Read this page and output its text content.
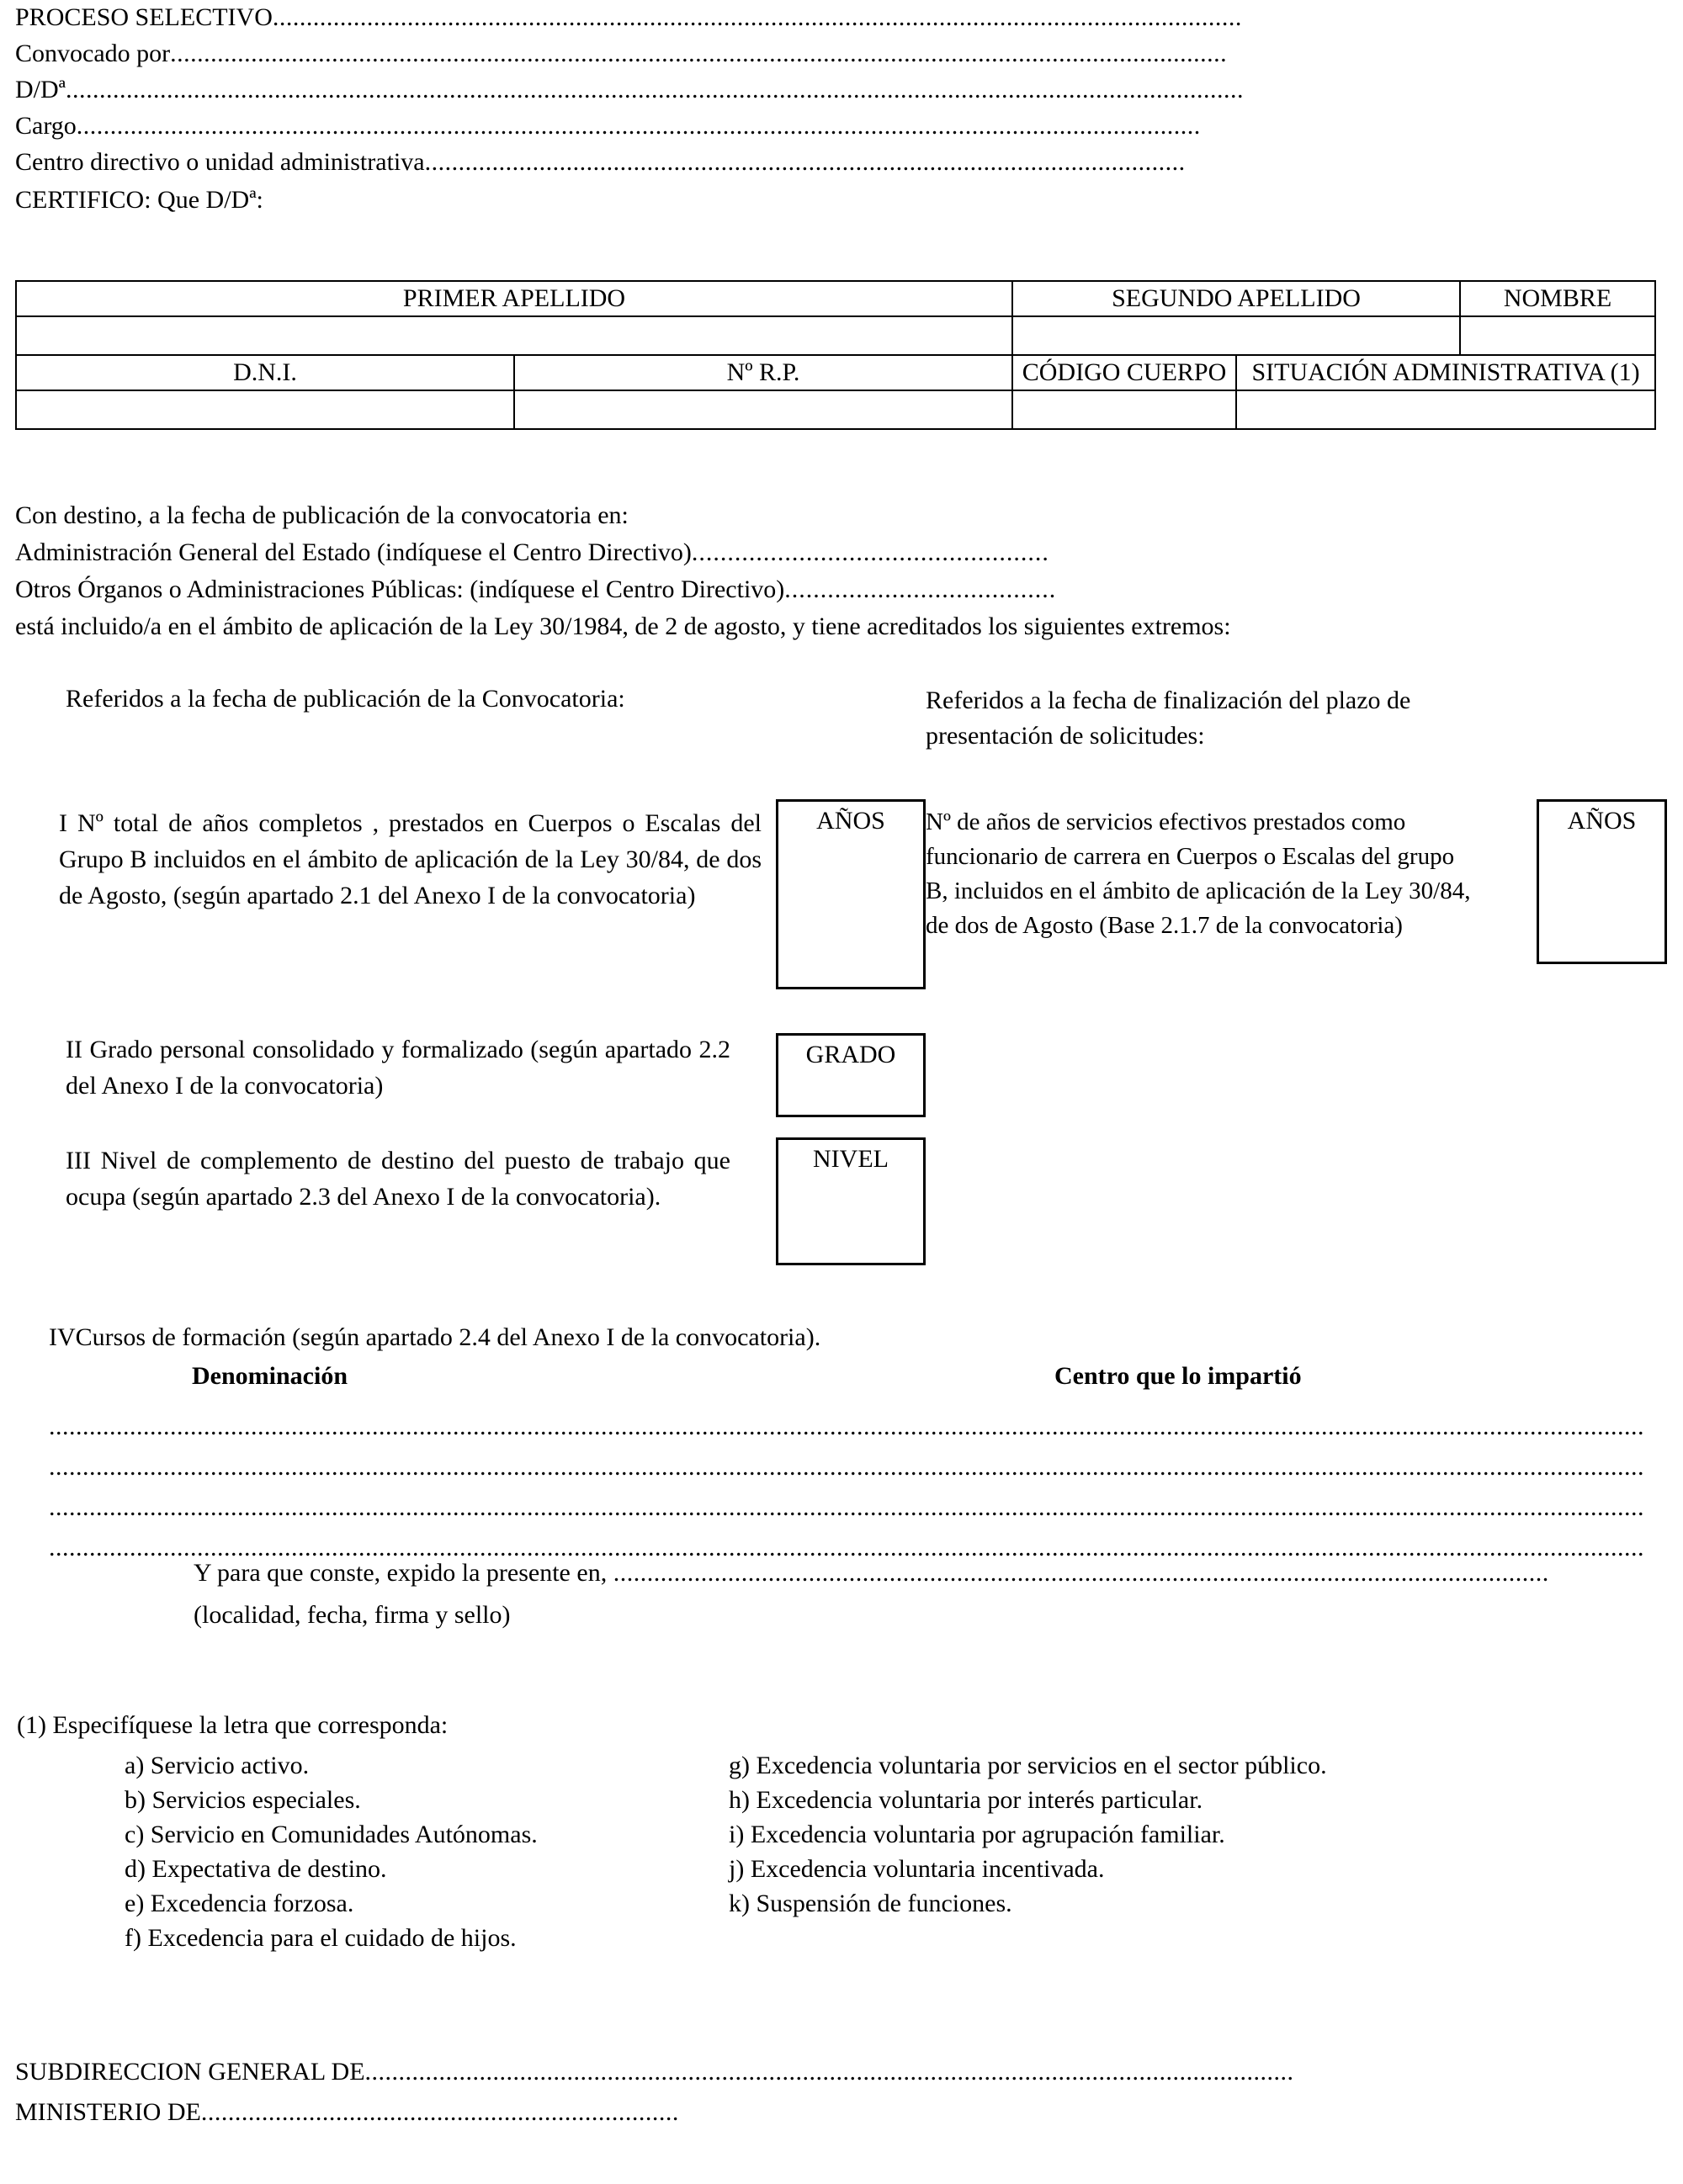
PROCESO SELECTIVO ................................................................................................................................................
Convocado por .............................................................................................................................................................
D/Dª ...............................................................................................................................................................................
Cargo .......................................................................................................................................................................
Centro directivo o unidad administrativa .................................................................................................................
CERTIFICO: Que D/Dª:
PRIMER APELLIDO		SEGUNDO APELLIDO		NOMBRE

D.N.I.	Nº R.P.	CÓDIGO CUERPO	SITUACIÓN ADMINISTRATIVA (1)	

Con destino, a la fecha de publicación de la convocatoria en:
Administración General del Estado (indíquese el Centro Directivo)..................................................
Otros Órganos o Administraciones Públicas: (indíquese el Centro Directivo)......................................
está incluido/a en el ámbito de aplicación de la Ley 30/1984, de 2 de agosto, y tiene acreditados los siguientes extremos:
Referidos a la fecha de publicación de la Convocatoria:	Referidos a la fecha de finalización del plazo de presentación de solicitudes:
I Nº total de años completos , prestados en Cuerpos o Escalas del Grupo B incluidos en el ámbito de aplicación de la Ley 30/84, de dos de Agosto, (según apartado 2.1 del Anexo I de la convocatoria)
AÑOS
II Grado personal consolidado y formalizado (según apartado 2.2 del Anexo I de la convocatoria)
GRADO
III Nivel de complemento de destino del puesto de trabajo que ocupa (según apartado 2.3 del Anexo I de la convocatoria).
NIVEL
Nº de años de servicios efectivos prestados como funcionario de carrera en Cuerpos o Escalas del grupo B, incluidos en el ámbito de aplicación de la Ley 30/84, de dos de Agosto (Base 2.1.7 de la convocatoria)
AÑOS
IVCursos de formación (según apartado 2.4 del Anexo I de la convocatoria).
Denominación	Centro que lo impartió
.............................................................................................................................................................................................................................................
.............................................................................................................................................................................................................................................
.............................................................................................................................................................................................................................................
.............................................................................................................................................................................................................................................
Y para que conste, expido la presente en,
...........................................................................................................................................
(localidad, fecha, firma y sello)
(1) Especifíquese la letra que corresponda:
a) Servicio activo.
b) Servicios especiales.
c) Servicio en Comunidades Autónomas.
d) Expectativa de destino.
e) Excedencia forzosa.
f) Excedencia para el cuidado de hijos.
g) Excedencia voluntaria por servicios en el sector público.
h) Excedencia voluntaria por interés particular.
i) Excedencia voluntaria por agrupación familiar.
j) Excedencia voluntaria incentivada.
k) Suspensión de funciones.
SUBDIRECCION GENERAL DE ..........................................................................................................................................
MINISTERIO DE .......................................................................
